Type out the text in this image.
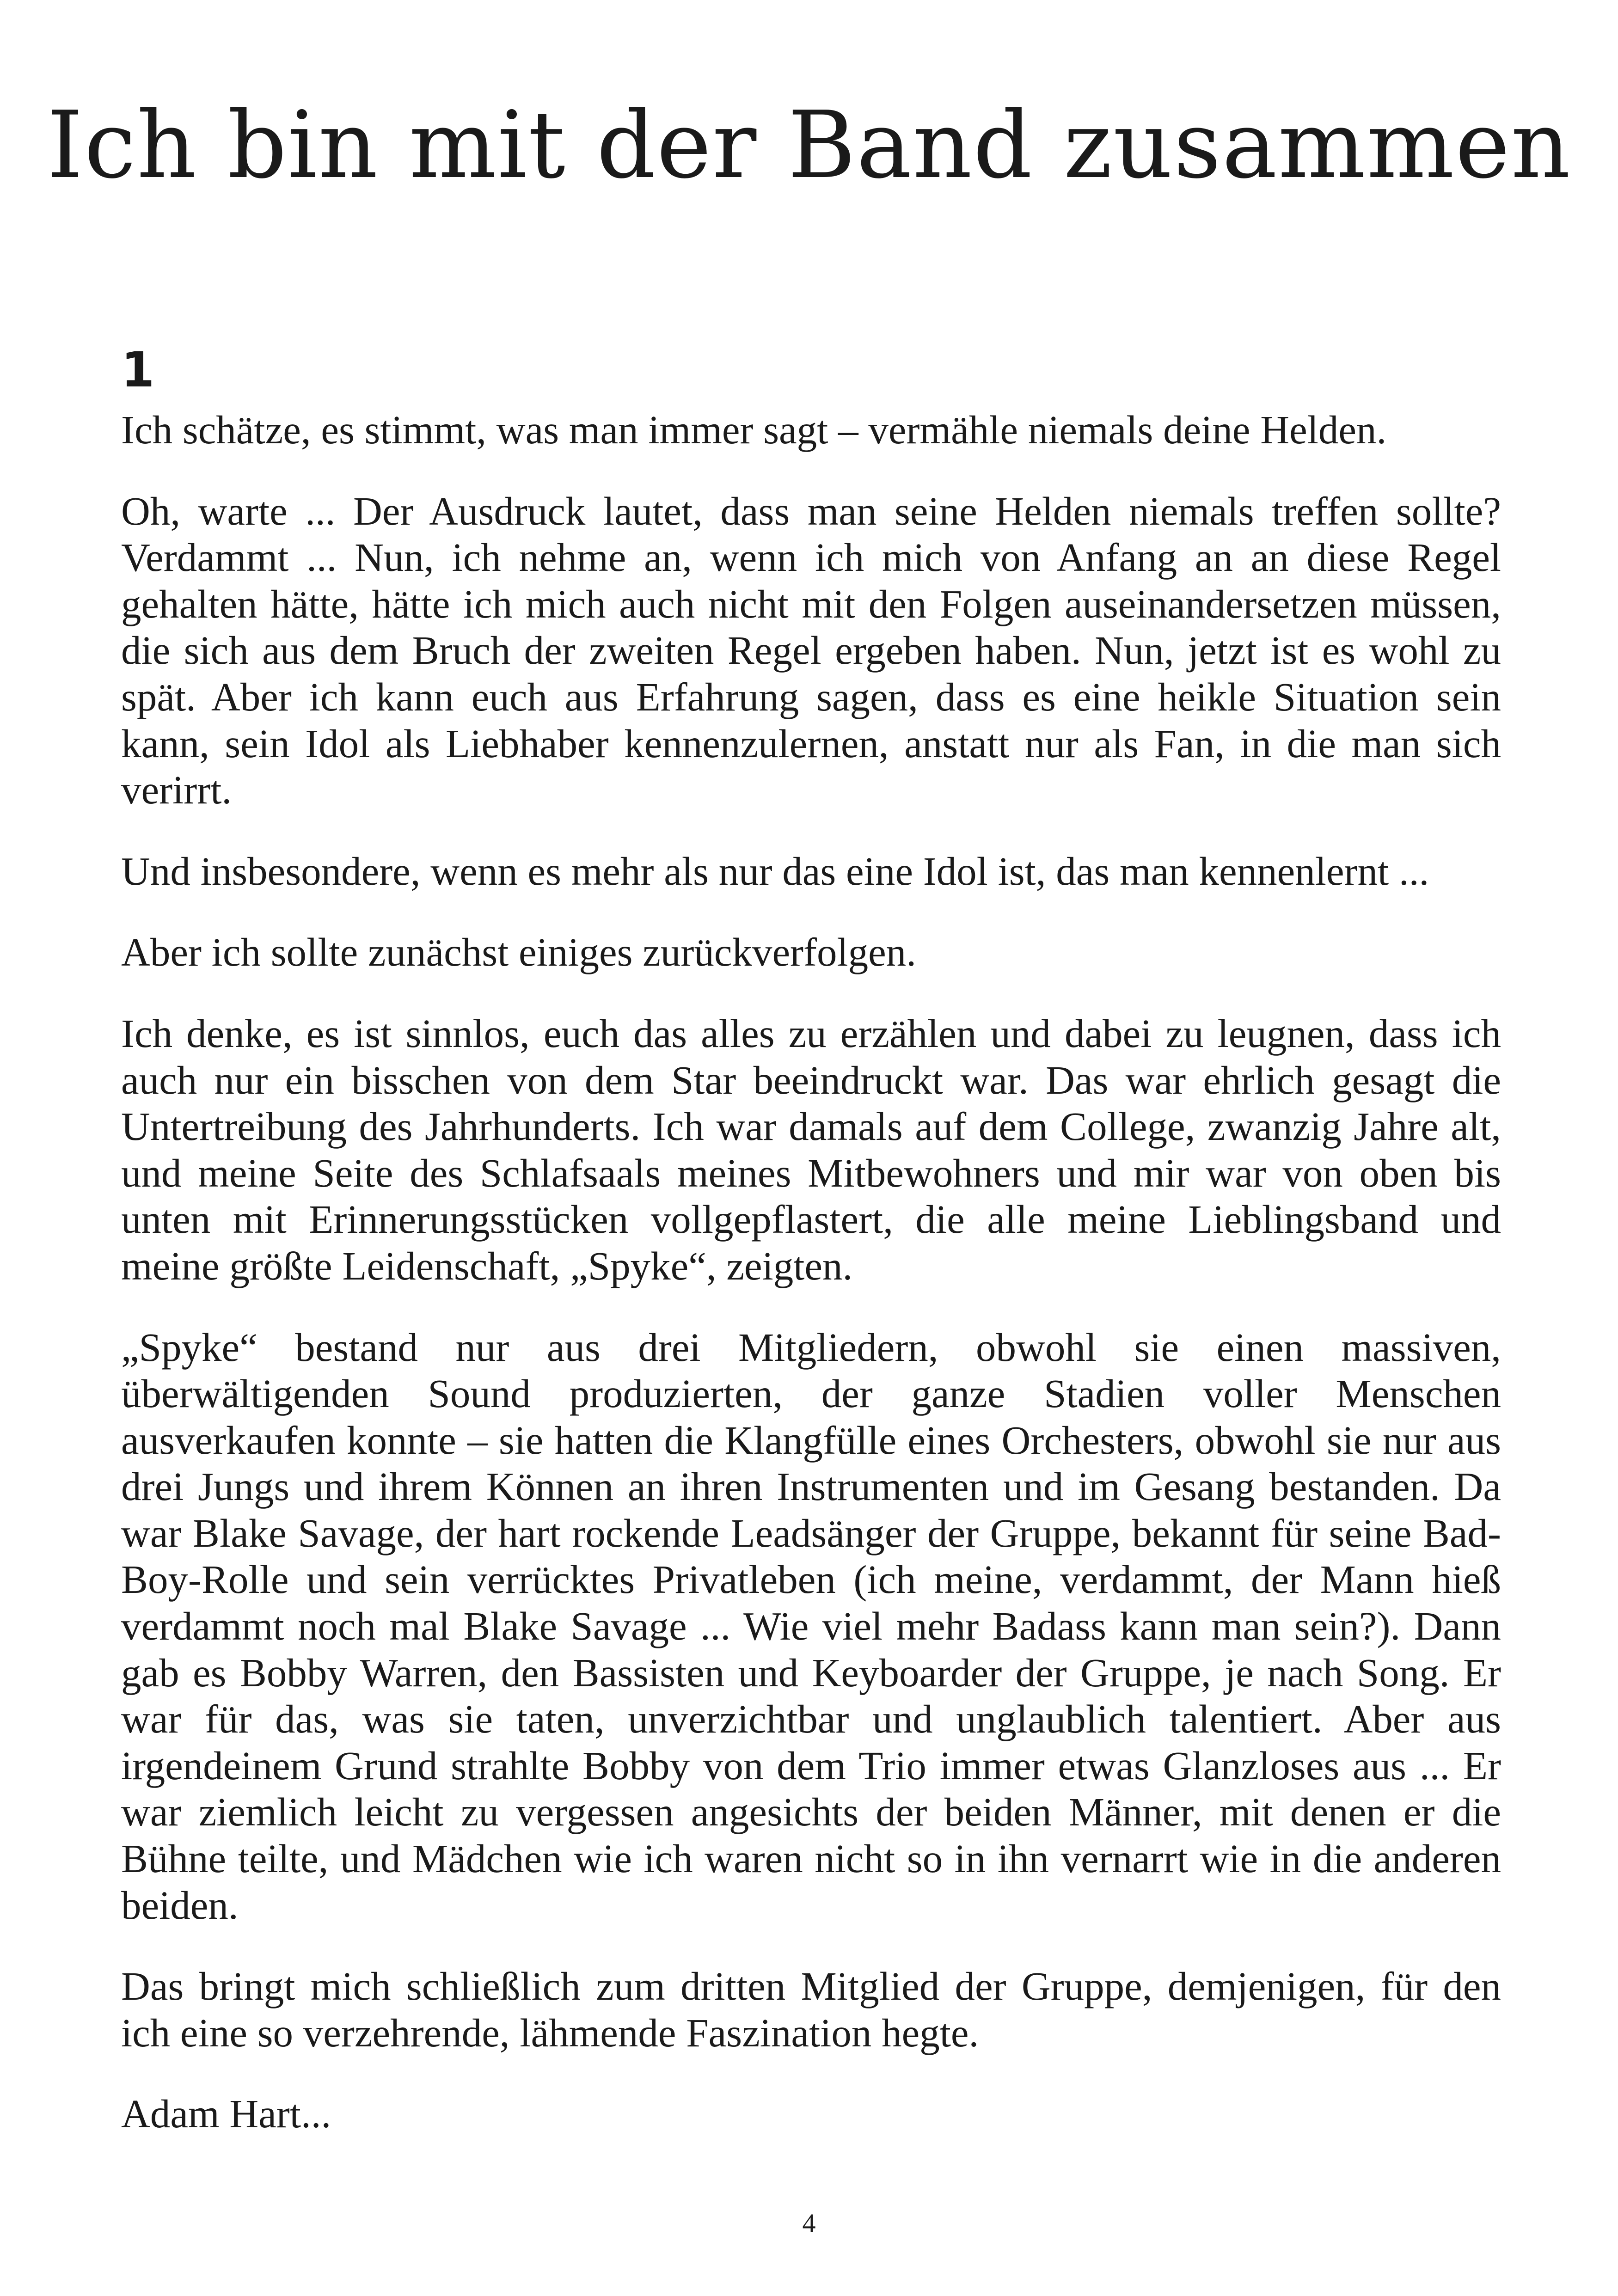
Ich bin mit der Band zusammen
1

Ich schätze, es stimmt, was man immer sagt – vermähle niemals deine Helden.

Oh, warte ... Der Ausdruck lautet, dass man seine Helden niemals treffen sollte? Verdammt ... Nun, ich nehme an, wenn ich mich von Anfang an an diese Regel gehalten hätte, hätte ich mich auch nicht mit den Folgen auseinandersetzen müssen, die sich aus dem Bruch der zweiten Regel ergeben haben. Nun, jetzt ist es wohl zu spät. Aber ich kann euch aus Erfahrung sagen, dass es eine heikle Situation sein kann, sein Idol als Liebhaber kennenzulernen, anstatt nur als Fan, in die man sich verirrt.

Und insbesondere, wenn es mehr als nur das eine Idol ist, das man kennenlernt ...

Aber ich sollte zunächst einiges zurückverfolgen.

Ich denke, es ist sinnlos, euch das alles zu erzählen und dabei zu leugnen, dass ich auch nur ein bisschen von dem Star beeindruckt war. Das war ehrlich gesagt die Untertreibung des Jahrhunderts. Ich war damals auf dem College, zwanzig Jahre alt, und meine Seite des Schlafsaals meines Mitbewohners und mir war von oben bis unten mit Erinnerungsstücken vollgepflastert, die alle meine Lieblingsband und meine größte Leidenschaft, „Spyke“, zeigten.

„Spyke“ bestand nur aus drei Mitgliedern, obwohl sie einen massiven, überwältigenden Sound produzierten, der ganze Stadien voller Menschen ausverkaufen konnte – sie hatten die Klangfülle eines Orchesters, obwohl sie nur aus drei Jungs und ihrem Können an ihren Instrumenten und im Gesang bestanden. Da war Blake Savage, der hart rockende Leadsänger der Gruppe, bekannt für seine Bad-Boy-Rolle und sein verrücktes Privatleben (ich meine, verdammt, der Mann hieß verdammt noch mal Blake Savage ... Wie viel mehr Badass kann man sein?). Dann gab es Bobby Warren, den Bassisten und Keyboarder der Gruppe, je nach Song. Er war für das, was sie taten, unverzichtbar und unglaublich talentiert. Aber aus irgendeinem Grund strahlte Bobby von dem Trio immer etwas Glanzloses aus ... Er war ziemlich leicht zu vergessen angesichts der beiden Männer, mit denen er die Bühne teilte, und Mädchen wie ich waren nicht so in ihn vernarrt wie in die anderen beiden.

Das bringt mich schließlich zum dritten Mitglied der Gruppe, demjenigen, für den ich eine so verzehrende, lähmende Faszination hegte.

Adam Hart...

4
